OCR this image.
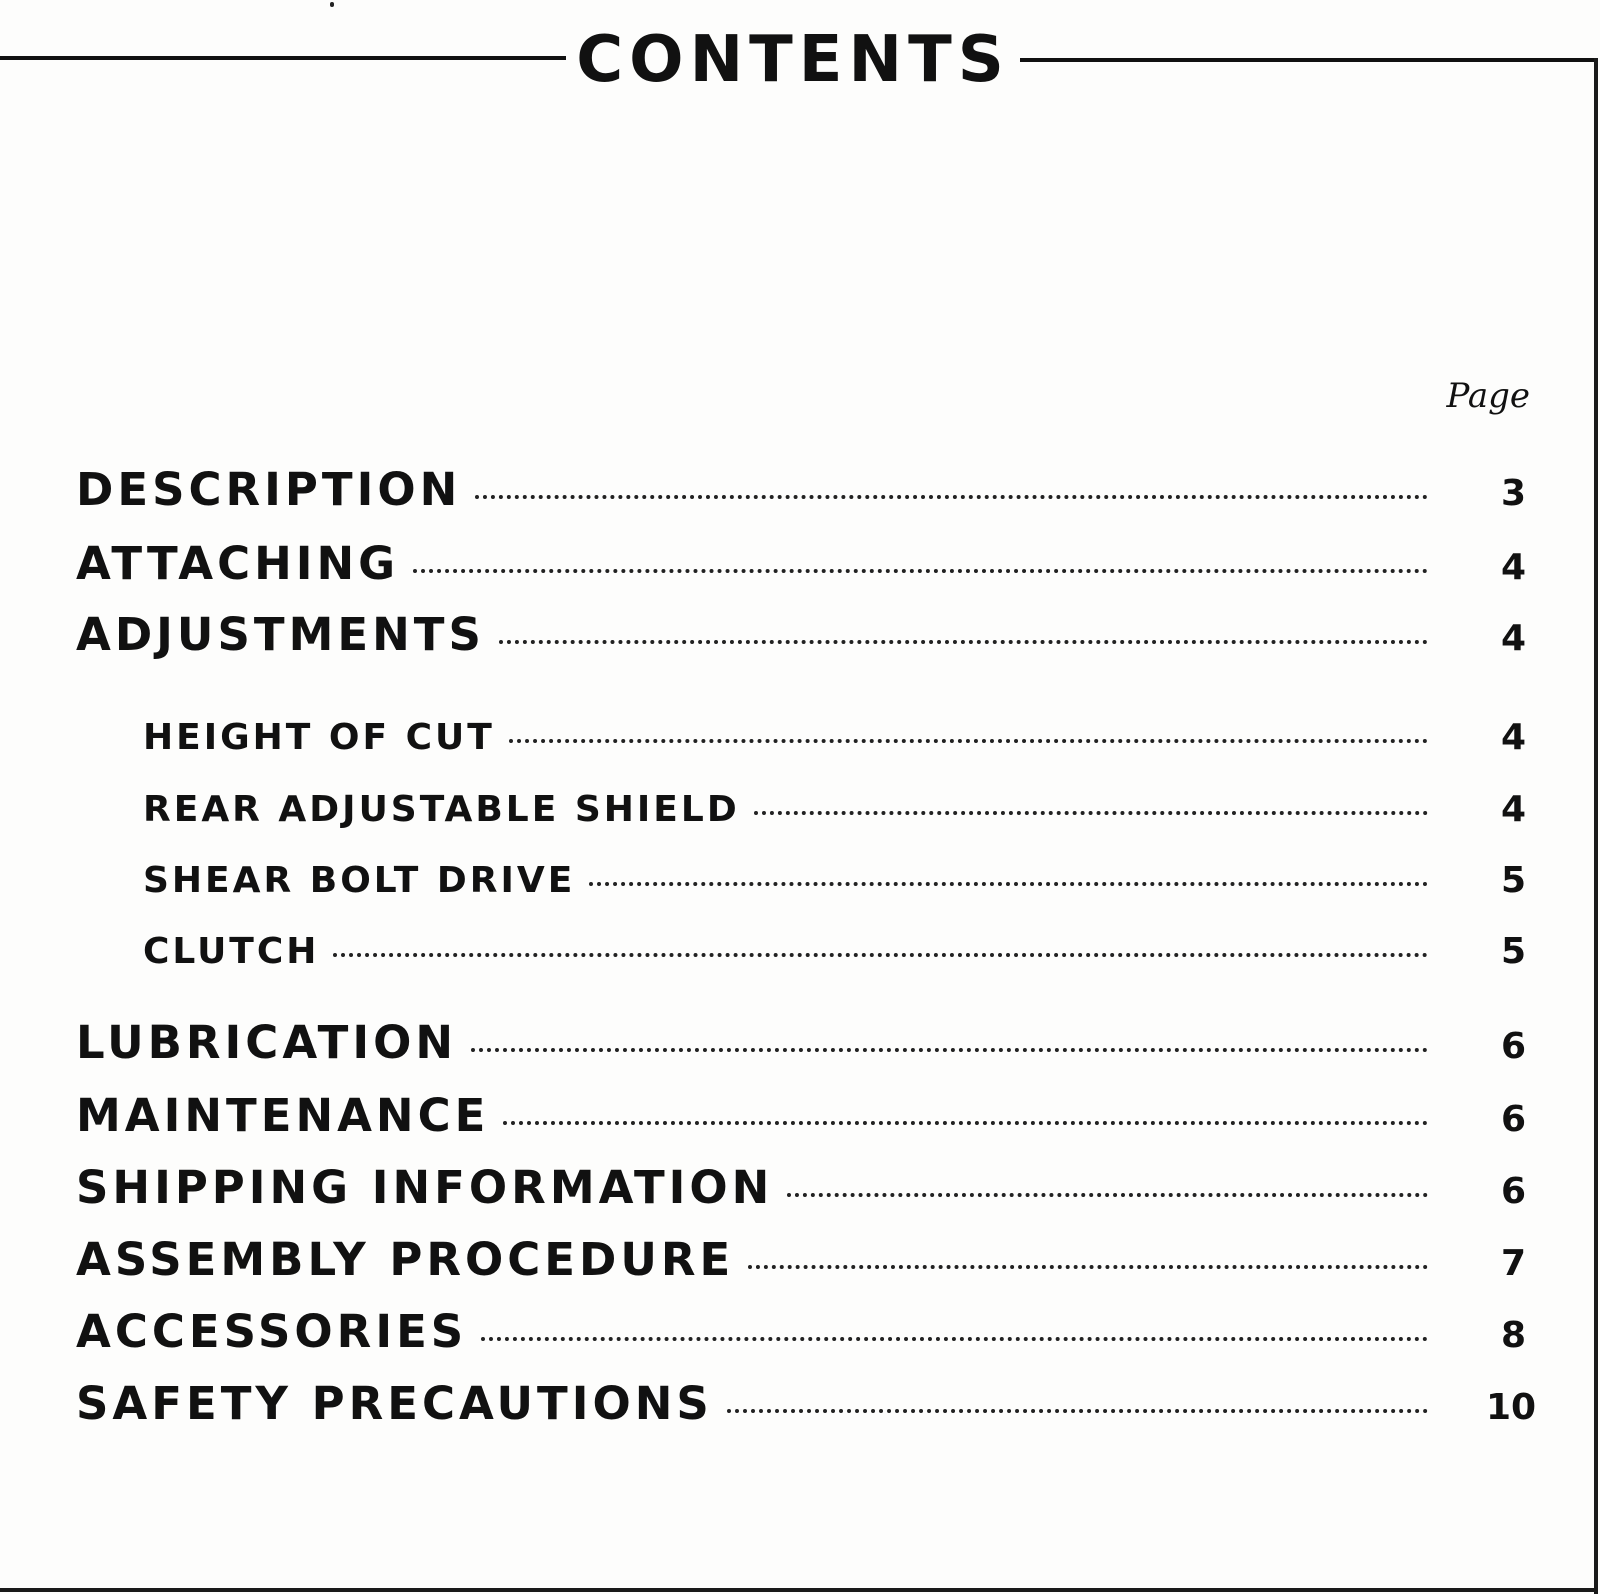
CONTENTS
Page
DESCRIPTION	3
ATTACHING	4
ADJUSTMENTS	4
HEIGHT OF CUT	4
REAR ADJUSTABLE SHIELD	4
SHEAR BOLT DRIVE	5
CLUTCH	5
LUBRICATION	6
MAINTENANCE	6
SHIPPING INFORMATION	6
ASSEMBLY PROCEDURE	7
ACCESSORIES	8
SAFETY PRECAUTIONS	10
